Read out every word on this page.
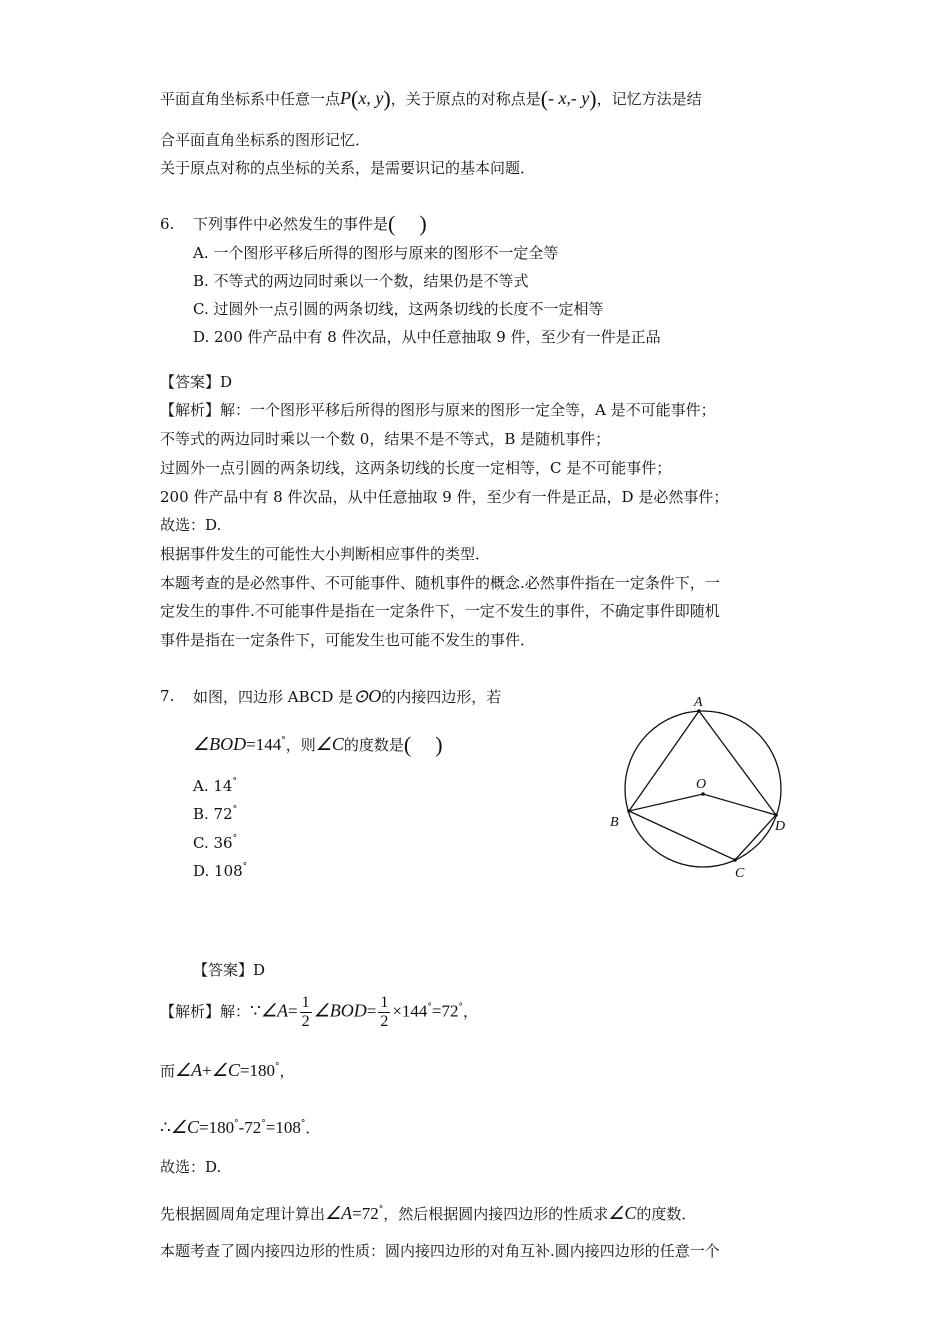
平面直角坐标系中任意一点P(x, y)，关于原点的对称点是(- x,- y)，记忆方法是结
合平面直角坐标系的图形记忆．
关于原点对称的点坐标的关系，是需要识记的基本问题．
6. 下列事件中必然发生的事件是( )
A. 一个图形平移后所得的图形与原来的图形不一定全等
B. 不等式的两边同时乘以一个数，结果仍是不等式
C. 过圆外一点引圆的两条切线，这两条切线的长度不一定相等
D. 200 件产品中有 8 件次品，从中任意抽取 9 件，至少有一件是正品
【答案】D
【解析】解：一个图形平移后所得的图形与原来的图形一定全等，A 是不可能事件；
不等式的两边同时乘以一个数 0，结果不是不等式，B 是随机事件；
过圆外一点引圆的两条切线，这两条切线的长度一定相等，C 是不可能事件；
200 件产品中有 8 件次品，从中任意抽取 9 件，至少有一件是正品，D 是必然事件；
故选：D.
根据事件发生的可能性大小判断相应事件的类型．
本题考查的是必然事件、不可能事件、随机事件的概念.必然事件指在一定条件下，一
定发生的事件.不可能事件是指在一定条件下，一定不发生的事件，不确定事件即随机
事件是指在一定条件下，可能发生也可能不发生的事件．
7. 如图，四边形 ABCD 是⊙O的内接四边形，若
∠BOD=144°，则∠C的度数是( )
A. 14°
B. 72°
C. 36°
D. 108°
A
B
C
D
O
【答案】D
【解析】解：∵∠A= $\frac{1}{2}$ ∠BOD= $\frac{1}{2} \times 144^\circ=72^\circ$，
而∠A+∠C=180°，
∴∠C=180°-72°=108°．
故选：D.
先根据圆周角定理计算出∠A=72°，然后根据圆内接四边形的性质求∠C的度数．
本题考查了圆内接四边形的性质：圆内接四边形的对角互补.圆内接四边形的任意一个
